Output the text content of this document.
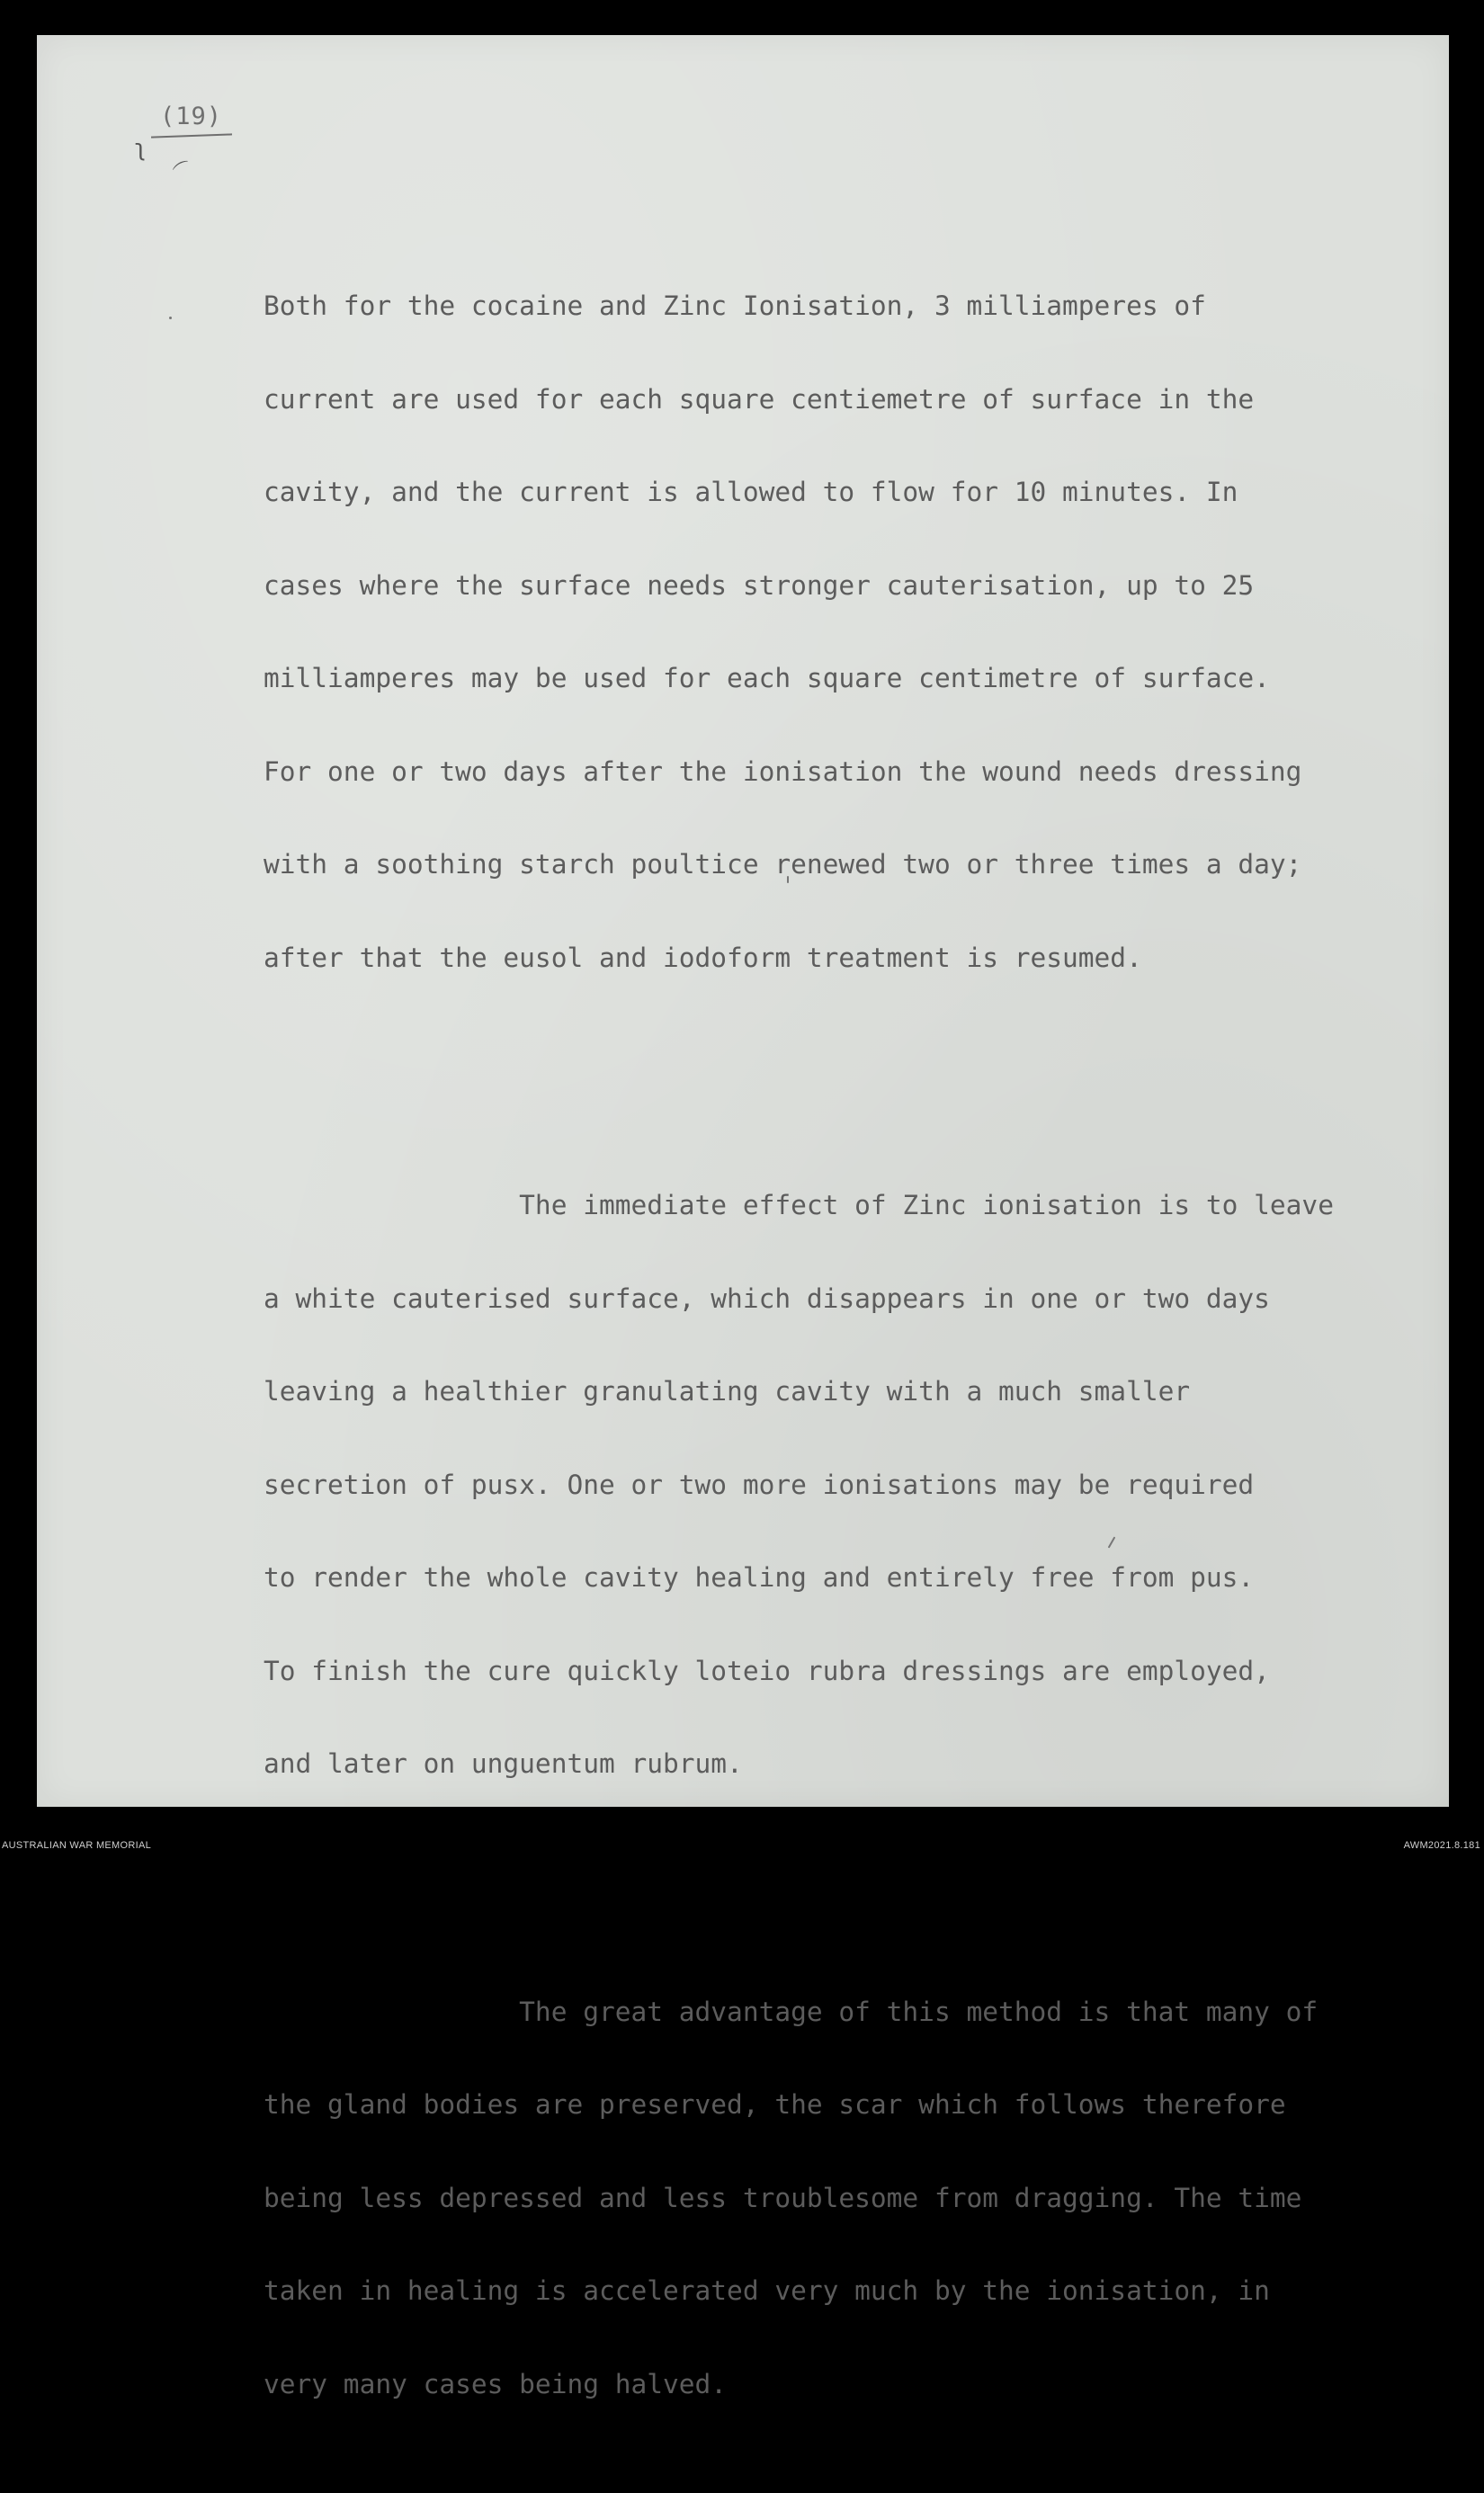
(19)
ʅ
⌒

Both for the cocaine and Zinc Ionisation, 3 milliamperes of

current are used for each square centiemetre of surface in the

cavity, and the current is allowed to flow for 10 minutes. In

cases where the surface needs stronger cauterisation, up to 25

milliamperes may be used for each square centimetre of surface.

For one or two days after the ionisation the wound needs dressing

with a soothing starch poultice renewed two or three times a day;

after that the eusol and iodoform treatment is resumed.

The immediate effect of Zinc ionisation is to leave

a white cauterised surface, which disappears in one or two days

leaving a healthier granulating cavity with a much smaller

secretion of pusx. One or two more ionisations may be required

to render the whole cavity healing and entirely free from pus.

To finish the cure quickly loteio rubra dressings are employed,

and later on unguentum rubrum.

The great advantage of this method is that many of

the gland bodies are preserved, the scar which follows therefore

being less depressed and less troublesome from dragging. The time

taken in healing is accelerated very much by the ionisation, in

very many cases being halved.

AUSTRALIAN WAR MEMORIAL	AWM2021.8.181
